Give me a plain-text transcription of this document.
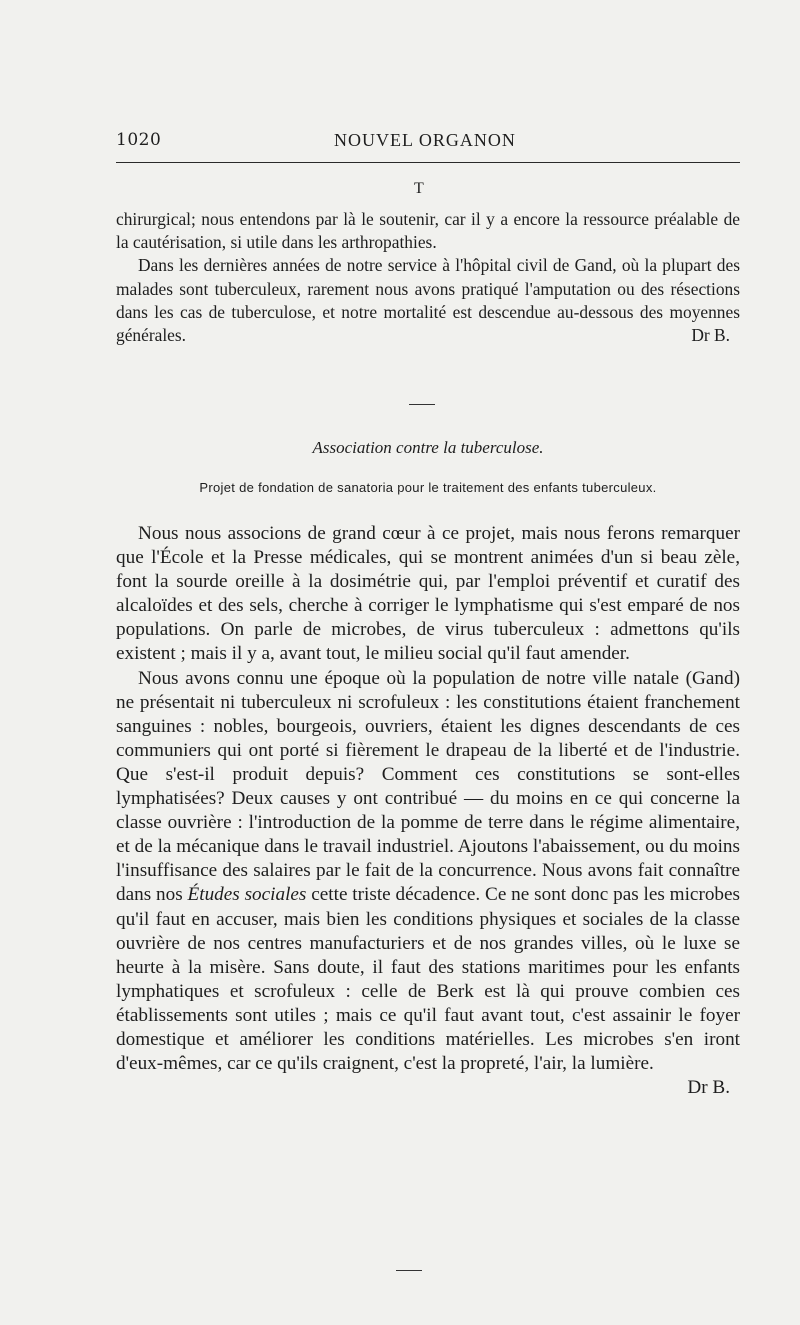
1020	NOUVEL ORGANON
T

chirurgical; nous entendons par là le soutenir, car il y a encore la ressource préalable de la cautérisation, si utile dans les arthropathies.

Dans les dernières années de notre service à l'hôpital civil de Gand, où la plupart des malades sont tuberculeux, rarement nous avons pratiqué l'amputation ou des résections dans les cas de tuberculose, et notre mortalité est descendue au-dessous des moyennes générales.	Dr B.

Association contre la tuberculose.
Projet de fondation de sanatoria pour le traitement des enfants tuberculeux.

Nous nous associons de grand cœur à ce projet, mais nous ferons remarquer que l'École et la Presse médicales, qui se montrent animées d'un si beau zèle, font la sourde oreille à la dosimétrie qui, par l'emploi préventif et curatif des alcaloïdes et des sels, cherche à corriger le lymphatisme qui s'est emparé de nos populations. On parle de microbes, de virus tuberculeux : admettons qu'ils existent ; mais il y a, avant tout, le milieu social qu'il faut amender.

Nous avons connu une époque où la population de notre ville natale (Gand) ne présentait ni tuberculeux ni scrofuleux : les constitutions étaient franchement sanguines : nobles, bourgeois, ouvriers, étaient les dignes descendants de ces communiers qui ont porté si fièrement le drapeau de la liberté et de l'industrie. Que s'est-il produit depuis? Comment ces constitutions se sont-elles lymphatisées? Deux causes y ont contribué — du moins en ce qui concerne la classe ouvrière : l'introduction de la pomme de terre dans le régime alimentaire, et de la mécanique dans le travail industriel. Ajoutons l'abaissement, ou du moins l'insuffisance des salaires par le fait de la concurrence. Nous avons fait connaître dans nos Études sociales cette triste décadence. Ce ne sont donc pas les microbes qu'il faut en accuser, mais bien les conditions physiques et sociales de la classe ouvrière de nos centres manufacturiers et de nos grandes villes, où le luxe se heurte à la misère. Sans doute, il faut des stations maritimes pour les enfants lymphatiques et scrofuleux : celle de Berk est là qui prouve combien ces établissements sont utiles ; mais ce qu'il faut avant tout, c'est assainir le foyer domestique et améliorer les conditions matérielles. Les microbes s'en iront d'eux-mêmes, car ce qu'ils craignent, c'est la propreté, l'air, la lumière.

Dr B.
